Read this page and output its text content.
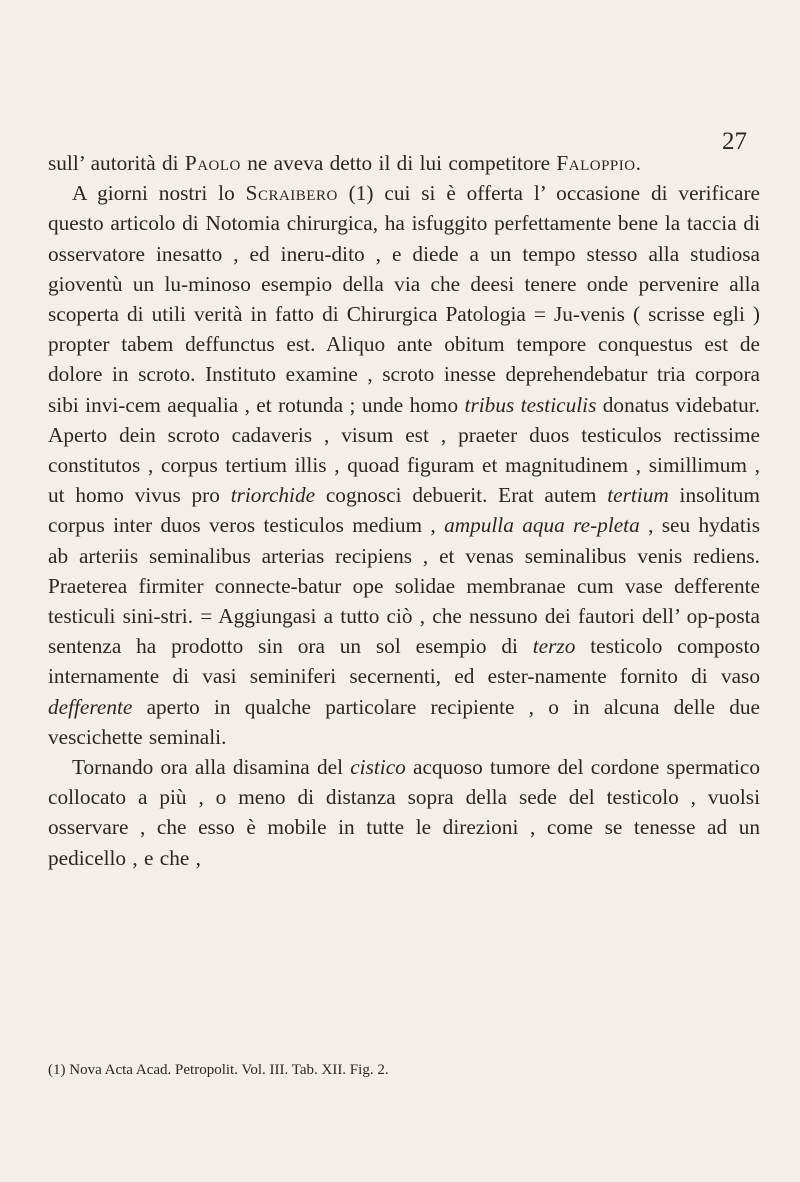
27

sull’ autorità di Paolo ne aveva detto il di lui competitore Faloppio.

A giorni nostri lo Scraibero (1) cui si è offerta l’ occasione di verificare questo articolo di Notomia chirurgica, ha isfuggito perfettamente bene la taccia di osservatore inesatto , ed ineru-dito , e diede a un tempo stesso alla studiosa gioventù un lu-minoso esempio della via che deesi tenere onde pervenire alla scoperta di utili verità in fatto di Chirurgica Patologia = Ju-venis ( scrisse egli ) propter tabem deffunctus est. Aliquo ante obitum tempore conquestus est de dolore in scroto. Instituto examine , scroto inesse deprehendebatur tria corpora sibi invi-cem aequalia , et rotunda ; unde homo tribus testiculis donatus videbatur. Aperto dein scroto cadaveris , visum est , praeter duos testiculos rectissime constitutos , corpus tertium illis , quoad figuram et magnitudinem , simillimum , ut homo vivus pro triorchide cognosci debuerit. Erat autem tertium insolitum corpus inter duos veros testiculos medium , ampulla aqua re-pleta , seu hydatis ab arteriis seminalibus arterias recipiens , et venas seminalibus venis rediens. Praeterea firmiter connecte-batur ope solidae membranae cum vase defferente testiculi sini-stri. = Aggiungasi a tutto ciò , che nessuno dei fautori dell’ op-posta sentenza ha prodotto sin ora un sol esempio di terzo testicolo composto internamente di vasi seminiferi secernenti, ed ester-namente fornito di vaso defferente aperto in qualche particolare recipiente , o in alcuna delle due vescichette seminali.

Tornando ora alla disamina del cistico acquoso tumore del cordone spermatico collocato a più , o meno di distanza sopra della sede del testicolo , vuolsi osservare , che esso è mobile in tutte le direzioni , come se tenesse ad un pedicello , e che ,

(1) Nova Acta Acad. Petropolit. Vol. III. Tab. XII. Fig. 2.
